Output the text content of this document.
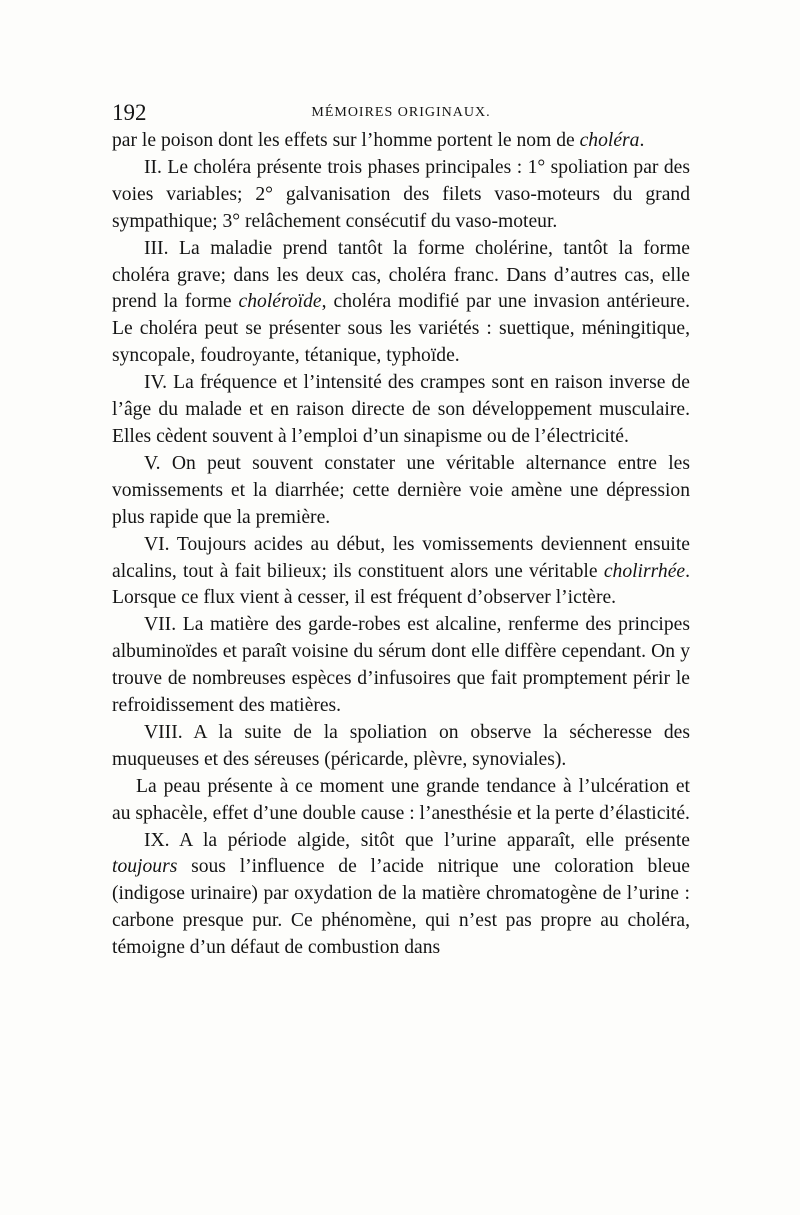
192	MÉMOIRES ORIGINAUX.

par le poison dont les effets sur l’homme portent le nom de choléra.

II. Le choléra présente trois phases principales : 1° spoliation par des voies variables; 2° galvanisation des filets vaso-moteurs du grand sympathique; 3° relâchement consécutif du vaso-moteur.

III. La maladie prend tantôt la forme cholérine, tantôt la forme choléra grave; dans les deux cas, choléra franc. Dans d’autres cas, elle prend la forme choléroïde, choléra modifié par une invasion antérieure. Le choléra peut se présenter sous les variétés : suettique, méningitique, syncopale, foudroyante, tétanique, typhoïde.

IV. La fréquence et l’intensité des crampes sont en raison inverse de l’âge du malade et en raison directe de son développement musculaire. Elles cèdent souvent à l’emploi d’un sinapisme ou de l’électricité.

V. On peut souvent constater une véritable alternance entre les vomissements et la diarrhée; cette dernière voie amène une dépression plus rapide que la première.

VI. Toujours acides au début, les vomissements deviennent ensuite alcalins, tout à fait bilieux; ils constituent alors une véritable cholirrhée. Lorsque ce flux vient à cesser, il est fréquent d’observer l’ictère.

VII. La matière des garde-robes est alcaline, renferme des principes albuminoïdes et paraît voisine du sérum dont elle diffère cependant. On y trouve de nombreuses espèces d’infusoires que fait promptement périr le refroidissement des matières.

VIII. A la suite de la spoliation on observe la sécheresse des muqueuses et des séreuses (péricarde, plèvre, synoviales).

La peau présente à ce moment une grande tendance à l’ulcération et au sphacèle, effet d’une double cause : l’anesthésie et la perte d’élasticité.

IX. A la période algide, sitôt que l’urine apparaît, elle présente toujours sous l’influence de l’acide nitrique une coloration bleue (indigose urinaire) par oxydation de la matière chromatogène de l’urine : carbone presque pur. Ce phénomène, qui n’est pas propre au choléra, témoigne d’un défaut de combustion dans
